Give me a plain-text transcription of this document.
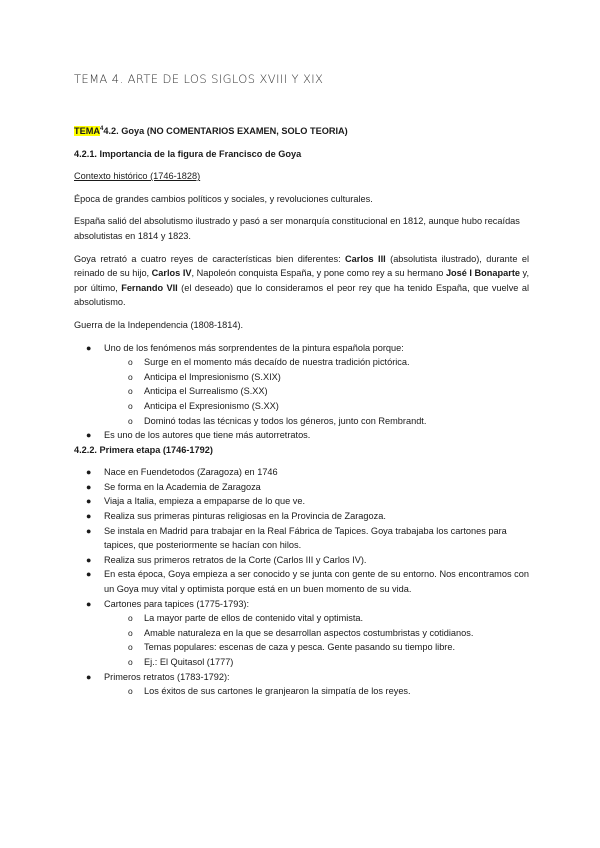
TEMA 4. ARTE DE LOS SIGLOS XVIII Y XIX

TEMA$^4$4.2. Goya (NO COMENTARIOS EXAMEN, SOLO TEORIA)

4.2.1. Importancia de la figura de Francisco de Goya

Contexto histórico (1746-1828)

Época de grandes cambios políticos y sociales, y revoluciones culturales.

España salió del absolutismo ilustrado y pasó a ser monarquía constitucional en 1812, aunque hubo recaídas absolutistas en 1814 y 1823.

Goya retrató a cuatro reyes de características bien diferentes: Carlos III (absolutista ilustrado), durante el reinado de su hijo, Carlos IV, Napoleón conquista España, y pone como rey a su hermano José I Bonaparte y, por último, Fernando VII (el deseado) que lo consideramos el peor rey que ha tenido España, que vuelve al absolutismo.

Guerra de la Independencia (1808-1814).

● Uno de los fenómenos más sorprendentes de la pintura española porque:
o Surge en el momento más decaído de nuestra tradición pictórica.
o Anticipa el Impresionismo (S.XIX)
o Anticipa el Surrealismo (S.XX)
o Anticipa el Expresionismo (S.XX)
o Dominó todas las técnicas y todos los géneros, junto con Rembrandt.
● Es uno de los autores que tiene más autorretratos.

4.2.2. Primera etapa (1746-1792)

● Nace en Fuendetodos (Zaragoza) en 1746
● Se forma en la Academia de Zaragoza
● Viaja a Italia, empieza a empaparse de lo que ve.
● Realiza sus primeras pinturas religiosas en la Provincia de Zaragoza.
● Se instala en Madrid para trabajar en la Real Fábrica de Tapices. Goya trabajaba los cartones para tapices, que posteriormente se hacían con hilos.
● Realiza sus primeros retratos de la Corte (Carlos III y Carlos IV).
● En esta época, Goya empieza a ser conocido y se junta con gente de su entorno. Nos encontramos con un Goya muy vital y optimista porque está en un buen momento de su vida.
● Cartones para tapices (1775-1793):
o La mayor parte de ellos de contenido vital y optimista.
o Amable naturaleza en la que se desarrollan aspectos costumbristas y cotidianos.
o Temas populares: escenas de caza y pesca. Gente pasando su tiempo libre.
o Ej.: El Quitasol (1777)
● Primeros retratos (1783-1792):
o Los éxitos de sus cartones le granjearon la simpatía de los reyes.
